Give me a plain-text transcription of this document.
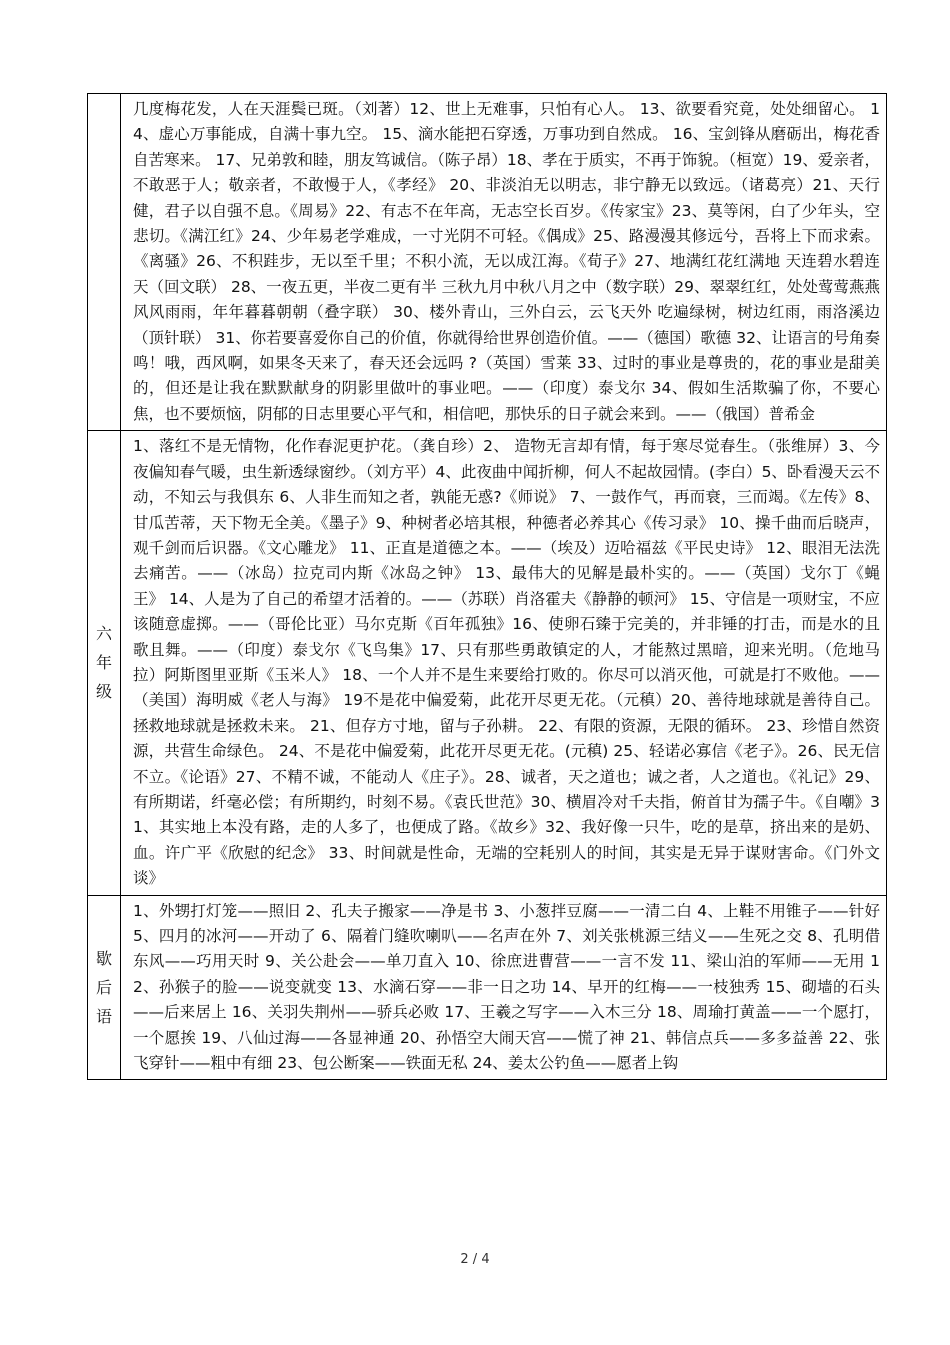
	几度梅花发，人在天涯鬓已斑。（刘著）12、世上无难事，只怕有心人。 13、欲要看究竟，处处细留心。 14、虚心万事能成，自满十事九空。 15、滴水能把石穿透，万事功到自然成。 16、宝剑锋从磨砺出，梅花香自苦寒来。 17、兄弟敦和睦，朋友笃诚信。（陈子昂）18、孝在于质实，不再于饰貌。（桓宽）19、爱亲者，不敢恶于人；敬亲者，不敢慢于人，《孝经》 20、非淡泊无以明志，非宁静无以致远。（诸葛亮）21、天行健，君子以自强不息。《周易》22、有志不在年高，无志空长百岁。《传家宝》23、莫等闲，白了少年头，空悲切。《满江红》24、少年易老学难成，一寸光阴不可轻。《偶成》25、路漫漫其修远兮，吾将上下而求索。《离骚》26、不积跬步，无以至千里；不积小流，无以成江海。《荀子》27、地满红花红满地 天连碧水碧连天（回文联） 28、一夜五更，半夜二更有半 三秋九月中秋八月之中（数字联）29、翠翠红红，处处莺莺燕燕 风风雨雨，年年暮暮朝朝（叠字联） 30、楼外青山，三外白云，云飞天外 吃遍绿树，树边红雨，雨洛溪边（顶针联） 31、你若要喜爱你自己的价值，你就得给世界创造价值。——（德国）歌德 32、让语言的号角奏鸣！哦，西风啊，如果冬天来了，春天还会远吗 ?（英国）雪莱 33、过时的事业是尊贵的，花的事业是甜美的，但还是让我在默默献身的阴影里做叶的事业吧。——（印度）泰戈尔 34、假如生活欺骗了你，不要心焦，也不要烦恼，阴郁的日志里要心平气和，相信吧，那快乐的日子就会来到。——（俄国）普希金

六年级	1、落红不是无情物，化作春泥更护花。（龚自珍）2、 造物无言却有情，每于寒尽觉春生。（张维屏）3、今夜偏知春气暖，虫生新透绿窗纱。（刘方平）4、此夜曲中闻折柳，何人不起故园情。(李白）5、卧看漫天云不动，不知云与我俱东 6、人非生而知之者，孰能无惑?《师说》 7、一鼓作气，再而衰，三而竭。《左传》8、甘瓜苦蒂，天下物无全美。《墨子》9、种树者必培其根，种德者必养其心《传习录》 10、操千曲而后晓声，观千剑而后识器。《文心雕龙》 11、正直是道德之本。——（埃及）迈哈福兹《平民史诗》 12、眼泪无法洗去痛苦。——（冰岛）拉克司内斯《冰岛之钟》 13、最伟大的见解是最朴实的。——（英国）戈尔丁《蝇王》 14、人是为了自己的希望才活着的。——（苏联）肖洛霍夫《静静的顿河》 15、守信是一项财宝，不应该随意虚掷。——（哥伦比亚）马尔克斯《百年孤独》16、使卵石臻于完美的，并非锤的打击，而是水的且歌且舞。——（印度）泰戈尔《飞鸟集》17、只有那些勇敢镇定的人，才能熬过黑暗，迎来光明。（危地马拉）阿斯图里亚斯《玉米人》 18、一个人并不是生来要给打败的。你尽可以消灭他，可就是打不败他。——（美国）海明威《老人与海》 19不是花中偏爱菊，此花开尽更无花。（元稹）20、善待地球就是善待自己。拯救地球就是拯救未来。 21、但存方寸地，留与子孙耕。 22、有限的资源，无限的循环。 23、珍惜自然资源，共营生命绿色。 24、不是花中偏爱菊，此花开尽更无花。(元稹) 25、轻诺必寡信《老子》。26、民无信不立。《论语》27、不精不诚，不能动人《庄子》。28、诚者，天之道也；诚之者，人之道也。《礼记》29、有所期诺，纤毫必偿；有所期约，时刻不易。《袁氏世范》30、横眉冷对千夫指，俯首甘为孺子牛。《自嘲》31、其实地上本没有路，走的人多了，也便成了路。《故乡》32、我好像一只牛，吃的是草，挤出来的是奶、血。许广平《欣慰的纪念》 33、时间就是性命，无端的空耗别人的时间，其实是无异于谋财害命。《门外文谈》

歇后语	1、外甥打灯笼——照旧 2、孔夫子搬家——净是书 3、小葱拌豆腐——一清二白 4、上鞋不用锥子——针好 5、四月的冰河——开动了 6、隔着门缝吹喇叭——名声在外 7、刘关张桃源三结义——生死之交 8、孔明借东风——巧用天时 9、关公赴会——单刀直入 10、徐庶进曹营——一言不发 11、梁山泊的军师——无用 12、孙猴子的脸——说变就变 13、水滴石穿——非一日之功 14、早开的红梅——一枝独秀 15、砌墙的石头——后来居上 16、关羽失荆州——骄兵必败 17、王羲之写字——入木三分 18、周瑜打黄盖——一个愿打，一个愿挨 19、八仙过海——各显神通 20、孙悟空大闹天宫——慌了神 21、韩信点兵——多多益善 22、张飞穿针——粗中有细 23、包公断案——铁面无私 24、姜太公钓鱼——愿者上钩

2 / 4
